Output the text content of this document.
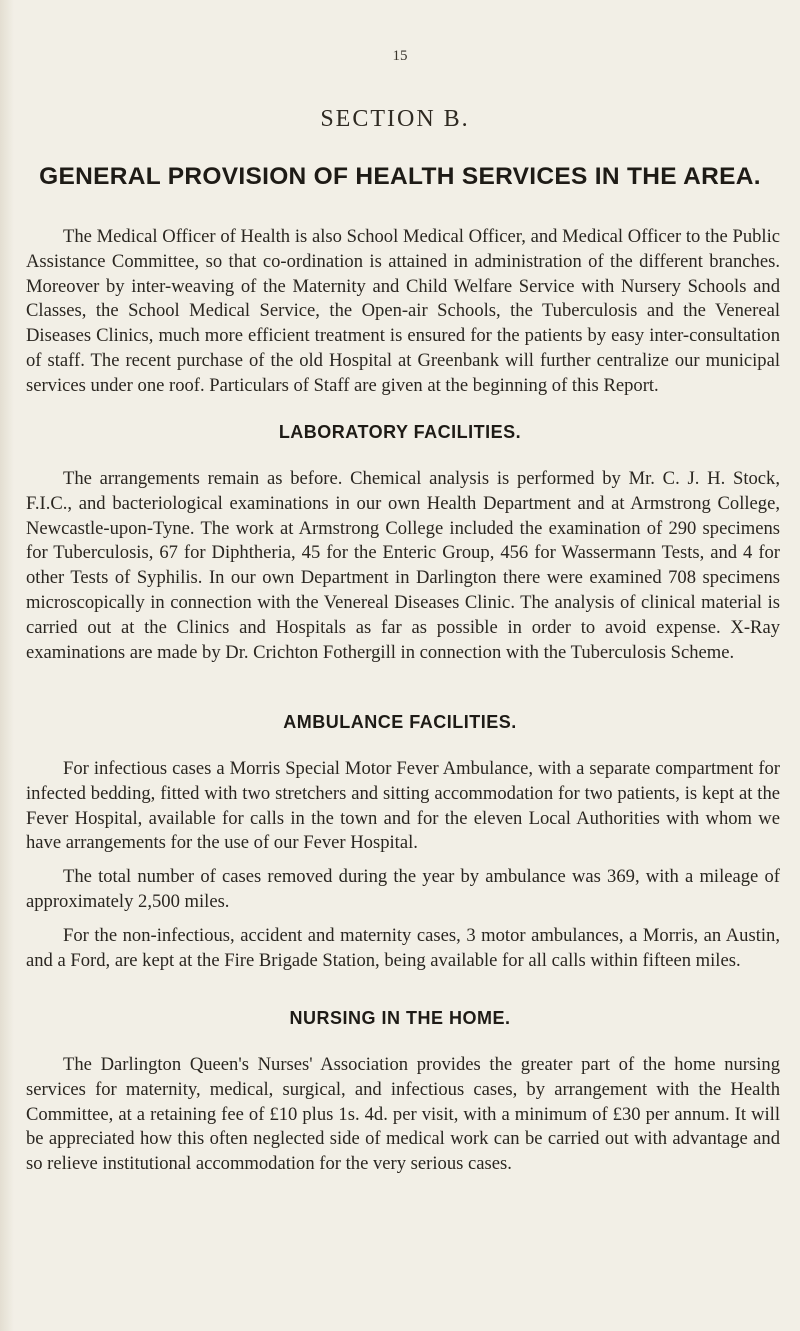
15
SECTION B.
GENERAL PROVISION OF HEALTH SERVICES IN THE AREA.

The Medical Officer of Health is also School Medical Officer, and Medical Officer to the Public Assistance Committee, so that co-ordination is attained in administration of the different branches. Moreover by inter-weaving of the Maternity and Child Welfare Service with Nursery Schools and Classes, the School Medical Service, the Open-air Schools, the Tuberculosis and the Venereal Diseases Clinics, much more efficient treatment is ensured for the patients by easy inter-consultation of staff. The recent purchase of the old Hospital at Greenbank will further centralize our municipal services under one roof. Particulars of Staff are given at the beginning of this Report.

LABORATORY FACILITIES.

The arrangements remain as before. Chemical analysis is performed by Mr. C. J. H. Stock, F.I.C., and bacteriological examinations in our own Health Department and at Armstrong College, Newcastle-upon-Tyne. The work at Armstrong College included the examination of 290 specimens for Tuberculosis, 67 for Diphtheria, 45 for the Enteric Group, 456 for Wassermann Tests, and 4 for other Tests of Syphilis. In our own Department in Darlington there were examined 708 specimens microscopically in connection with the Venereal Diseases Clinic. The analysis of clinical material is carried out at the Clinics and Hospitals as far as possible in order to avoid expense. X-Ray examinations are made by Dr. Crichton Fothergill in connection with the Tuberculosis Scheme.

AMBULANCE FACILITIES.

For infectious cases a Morris Special Motor Fever Ambulance, with a separate compartment for infected bedding, fitted with two stretchers and sitting accommodation for two patients, is kept at the Fever Hospital, available for calls in the town and for the eleven Local Authorities with whom we have arrangements for the use of our Fever Hospital.

The total number of cases removed during the year by ambulance was 369, with a mileage of approximately 2,500 miles.

For the non-infectious, accident and maternity cases, 3 motor ambulances, a Morris, an Austin, and a Ford, are kept at the Fire Brigade Station, being available for all calls within fifteen miles.

NURSING IN THE HOME.

The Darlington Queen's Nurses' Association provides the greater part of the home nursing services for maternity, medical, surgical, and infectious cases, by arrangement with the Health Committee, at a retaining fee of £10 plus 1s. 4d. per visit, with a minimum of £30 per annum. It will be appreciated how this often neglected side of medical work can be carried out with advantage and so relieve institutional accommodation for the very serious cases.
